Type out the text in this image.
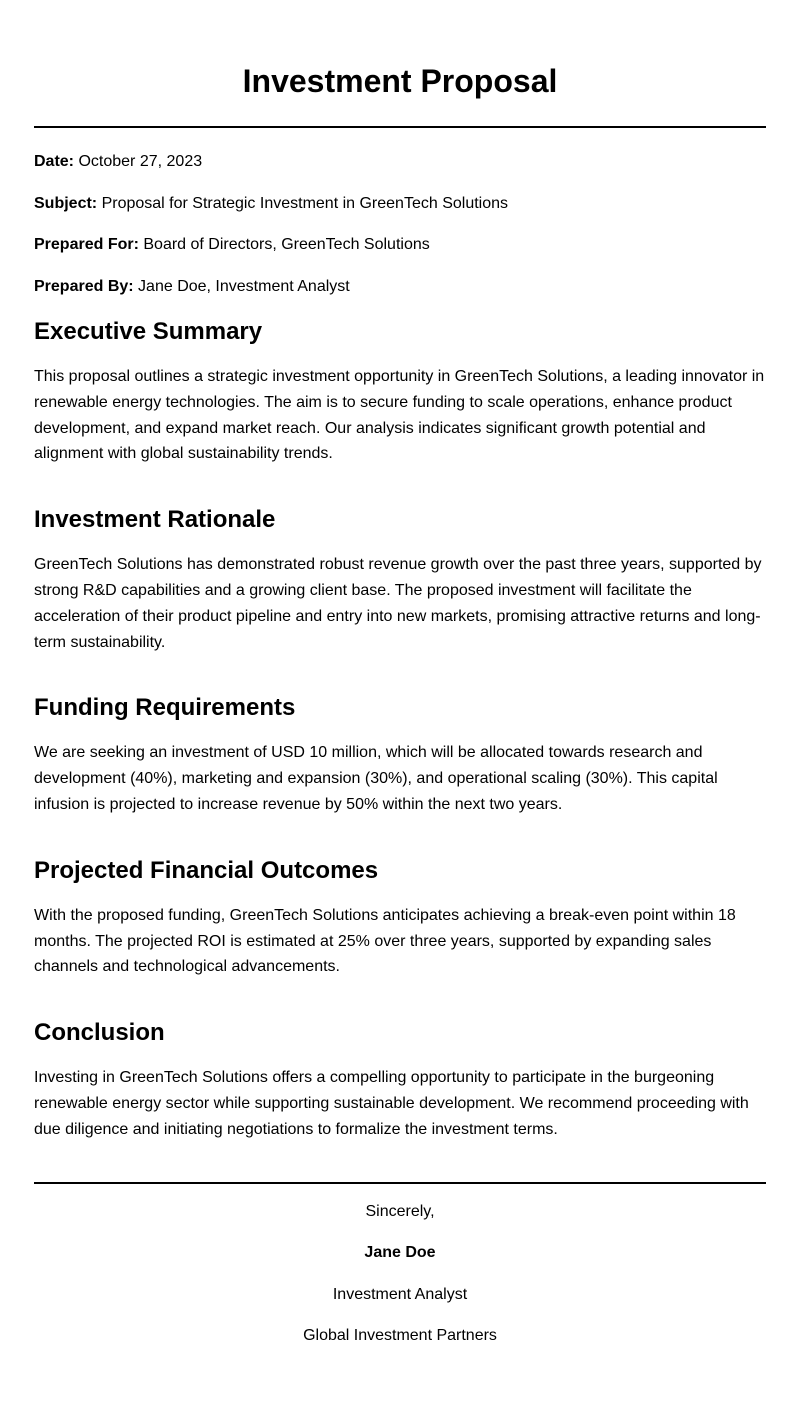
Investment Proposal

Date: October 27, 2023

Subject: Proposal for Strategic Investment in GreenTech Solutions

Prepared For: Board of Directors, GreenTech Solutions

Prepared By: Jane Doe, Investment Analyst

Executive Summary

This proposal outlines a strategic investment opportunity in GreenTech Solutions, a leading innovator in renewable energy technologies. The aim is to secure funding to scale operations, enhance product development, and expand market reach. Our analysis indicates significant growth potential and alignment with global sustainability trends.

Investment Rationale

GreenTech Solutions has demonstrated robust revenue growth over the past three years, supported by strong R&D capabilities and a growing client base. The proposed investment will facilitate the acceleration of their product pipeline and entry into new markets, promising attractive returns and long-term sustainability.

Funding Requirements

We are seeking an investment of USD 10 million, which will be allocated towards research and development (40%), marketing and expansion (30%), and operational scaling (30%). This capital infusion is projected to increase revenue by 50% within the next two years.

Projected Financial Outcomes

With the proposed funding, GreenTech Solutions anticipates achieving a break-even point within 18 months. The projected ROI is estimated at 25% over three years, supported by expanding sales channels and technological advancements.

Conclusion

Investing in GreenTech Solutions offers a compelling opportunity to participate in the burgeoning renewable energy sector while supporting sustainable development. We recommend proceeding with due diligence and initiating negotiations to formalize the investment terms.

Sincerely,

Jane Doe

Investment Analyst

Global Investment Partners
